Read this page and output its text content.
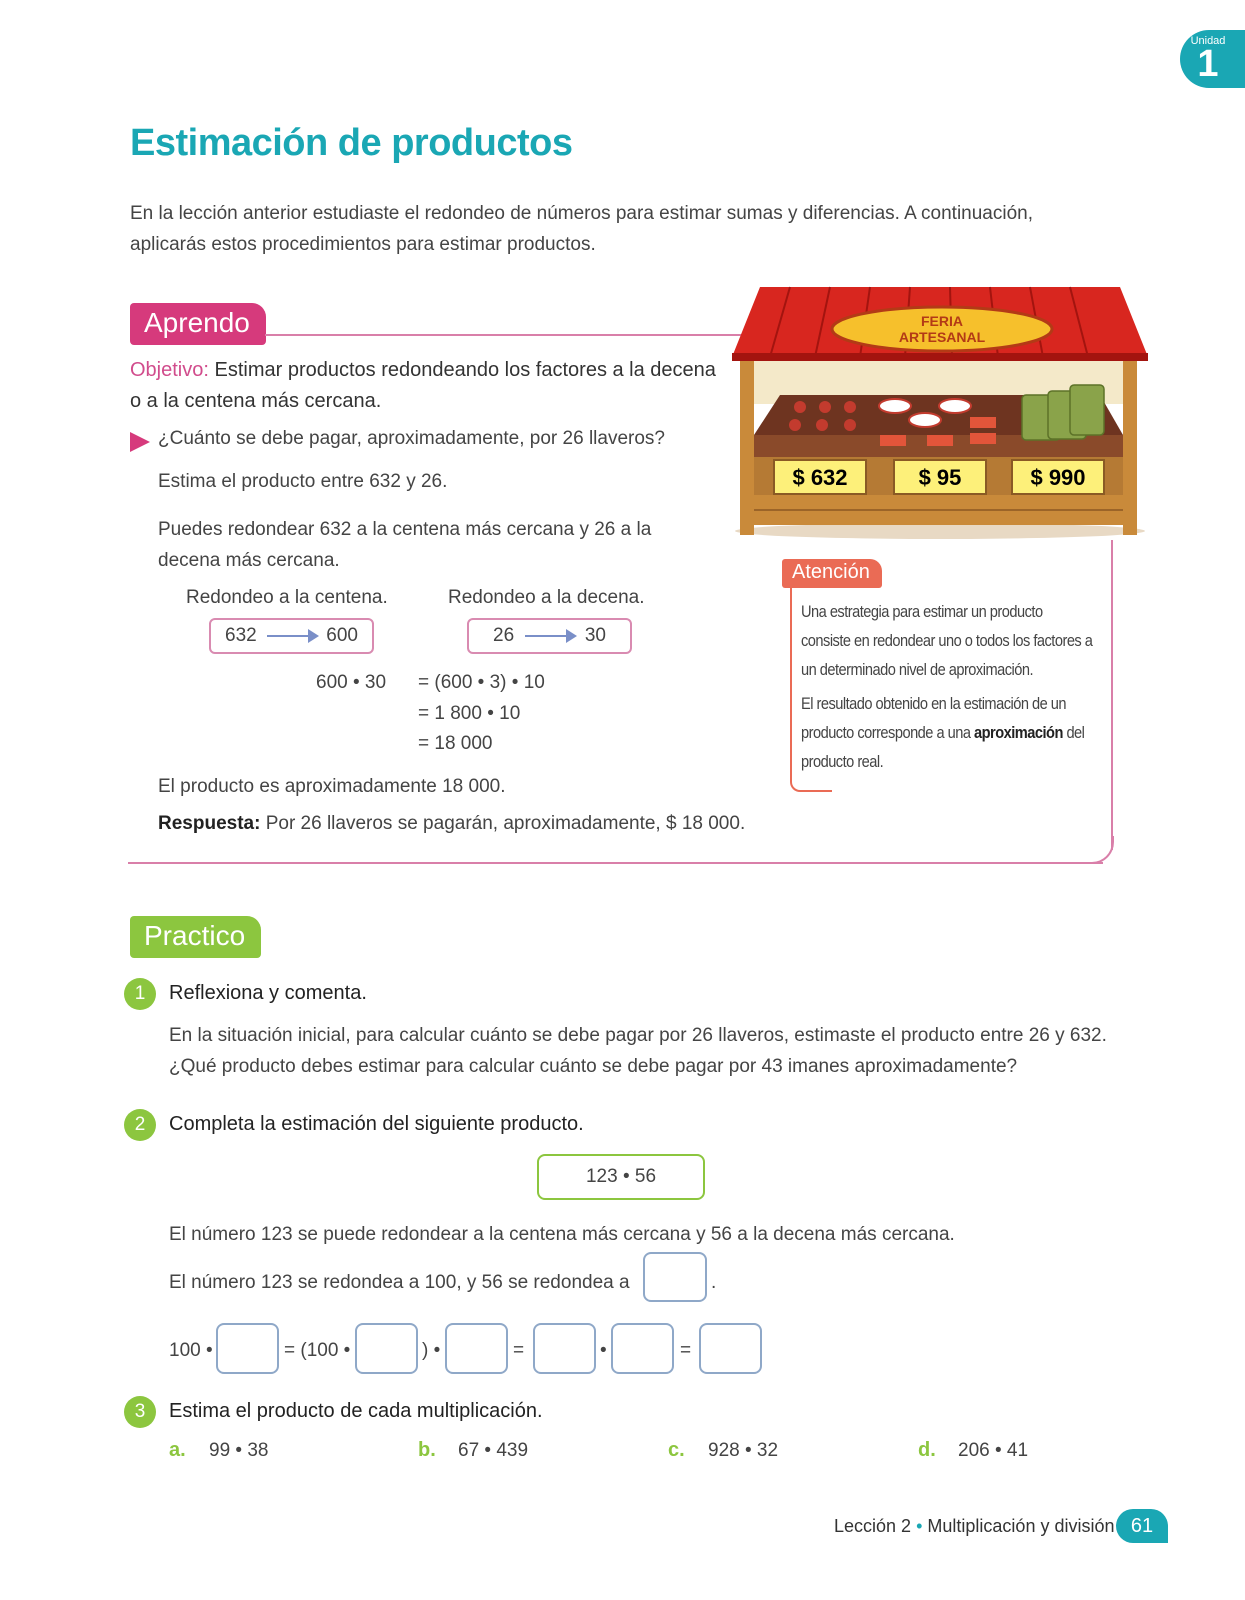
Unidad
1
Estimación de productos
En la lección anterior estudiaste el redondeo de números para estimar sumas y diferencias. A continuación, aplicarás estos procedimientos para estimar productos.
Aprendo
Objetivo: Estimar productos redondeando los factores a la decena o a la centena más cercana.
¿Cuánto se debe pagar, aproximadamente, por 26 llaveros?
Estima el producto entre 632 y 26.
Puedes redondear 632 a la centena más cercana y 26 a la decena más cercana.
Redondeo a la centena.
632	600
Redondeo a la decena.
26	30
600 • 30 = (600 • 3) • 10
= 1 800 • 10
= 18 000
El producto es aproximadamente 18 000.
Respuesta: Por 26 llaveros se pagarán, aproximadamente, $ 18 000.
FERIA
ARTESANAL
$ 632	$ 95	$ 990
Atención
Una estrategia para estimar un producto consiste en redondear uno o todos los factores a un determinado nivel de aproximación.
El resultado obtenido en la estimación de un producto corresponde a una aproximación del producto real.
Practico
1	Reflexiona y comenta.
En la situación inicial, para calcular cuánto se debe pagar por 26 llaveros, estimaste el producto entre 26 y 632. ¿Qué producto debes estimar para calcular cuánto se debe pagar por 43 imanes aproximadamente?
2	Completa la estimación del siguiente producto.
123 • 56
El número 123 se puede redondear a la centena más cercana y 56 a la decena más cercana.
El número 123 se redondea a 100, y 56 se redondea a	.
100 •	= (100 •	) •	=	•	=
3	Estima el producto de cada multiplicación.
a. 99 • 38	b. 67 • 439	c. 928 • 32	d. 206 • 41
Lección 2 • Multiplicación y división 61
